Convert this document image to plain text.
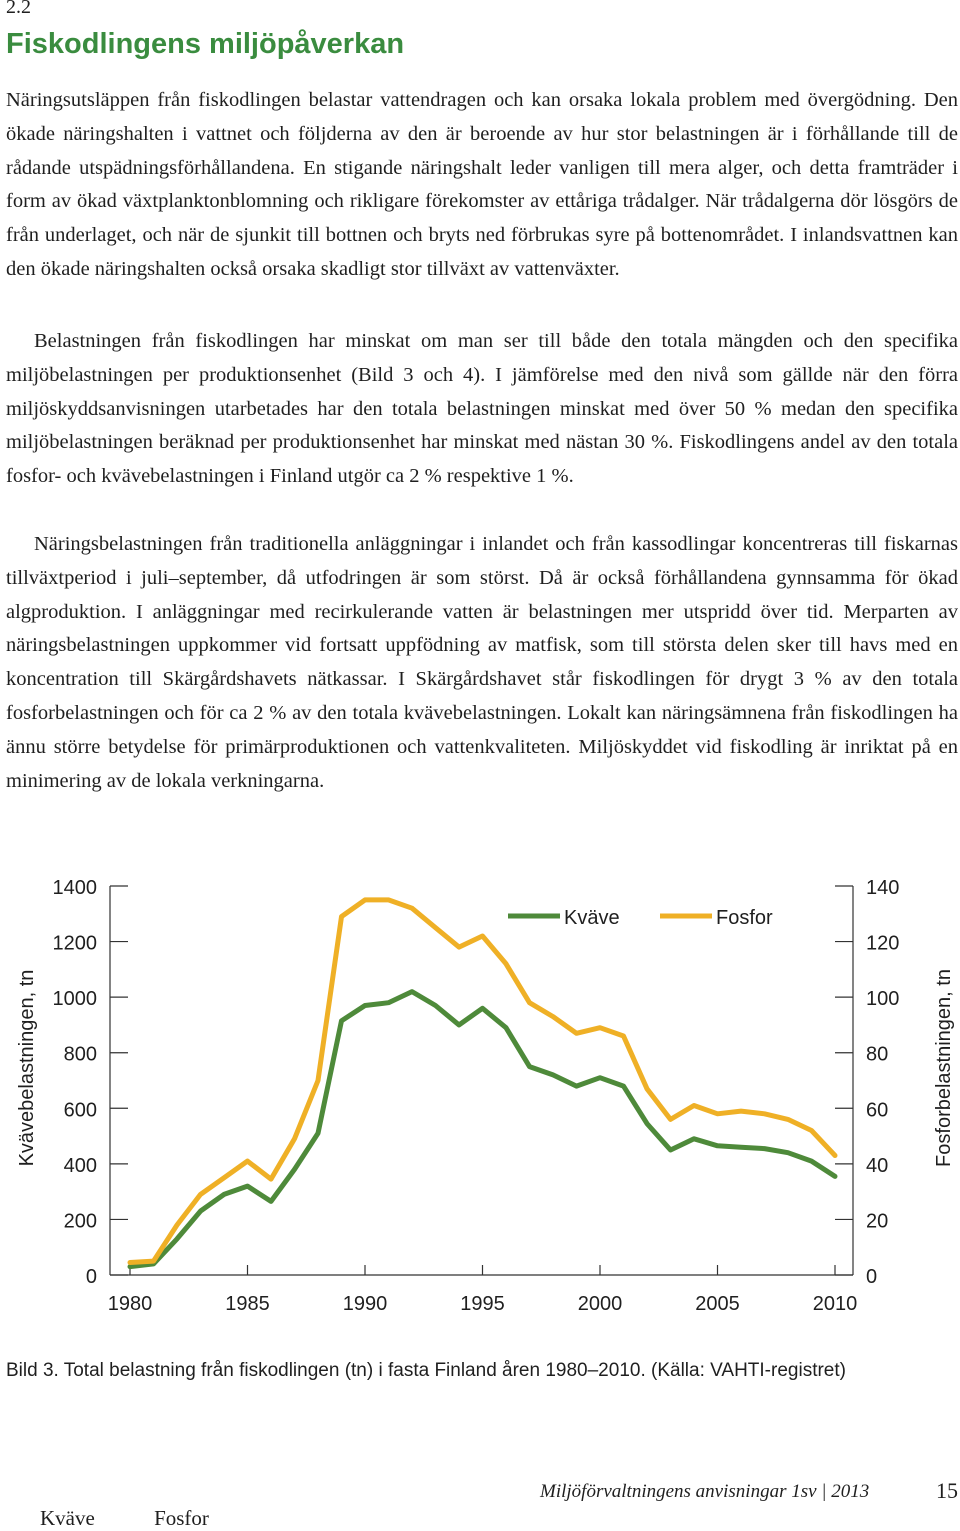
2.2
Fiskodlingens miljöpåverkan

Näringsutsläppen från fiskodlingen belastar vattendragen och kan orsaka lokala problem med övergödning. Den ökade näringshalten i vattnet och följderna av den är beroende av hur stor belastningen är i förhållande till de rådande utspädningsförhållandena. En stigande näringshalt leder vanligen till mera alger, och detta framträder i form av ökad växtplanktonblomning och rikligare förekomster av ettåriga trådalger. När trådalgerna dör lösgörs de från underlaget, och när de sjunkit till bottnen och bryts ned förbrukas syre på bottenområdet. I inlandsvattnen kan den ökade näringshalten också orsaka skadligt stor tillväxt av vattenväxter.

Belastningen från fiskodlingen har minskat om man ser till både den totala mängden och den specifika miljöbelastningen per produktionsenhet (Bild 3 och 4). I jämförelse med den nivå som gällde när den förra miljöskyddsanvisningen utarbetades har den totala belastningen minskat med över 50 % medan den specifika miljöbelastningen beräknad per produktionsenhet har minskat med nästan 30 %. Fiskodlingens andel av den totala fosfor- och kvävebelastningen i Finland utgör ca 2 % respektive 1 %.

Näringsbelastningen från traditionella anläggningar i inlandet och från kassodlingar koncentreras till fiskarnas tillväxtperiod i juli–september, då utfodringen är som störst. Då är också förhållandena gynnsamma för ökad algproduktion. I anläggningar med recirkulerande vatten är belastningen mer utspridd över tid. Merparten av näringsbelastningen uppkommer vid fortsatt uppfödning av matfisk, som till största delen sker till havs med en koncentration till Skärgårdshavets nätkassar. I Skärgårdshavet står fiskodlingen för drygt 3 % av den totala fosforbelastningen och för ca 2 % av den totala kvävebelastningen. Lokalt kan näringsämnena från fiskodlingen ha ännu större betydelse för primärproduktionen och vattenkvaliteten. Miljöskyddet vid fiskodling är inriktat på en minimering av de lokala verkningarna.

0
200
400
600
800
1000
1200
1400
0
20
40
60
80
100
120
140
1980	1985	1990	1995	2000	2005	2010
Kvävebelastningen, tn	Fosforbelastningen, tn
Kväve	Fosfor
Bild 3. Total belastning från fiskodlingen (tn) i fasta Finland åren 1980–2010. (Källa: VAHTI-registret)
Kväve	Fosfor
Miljöförvaltningens anvisningar 1sv | 2013	15
